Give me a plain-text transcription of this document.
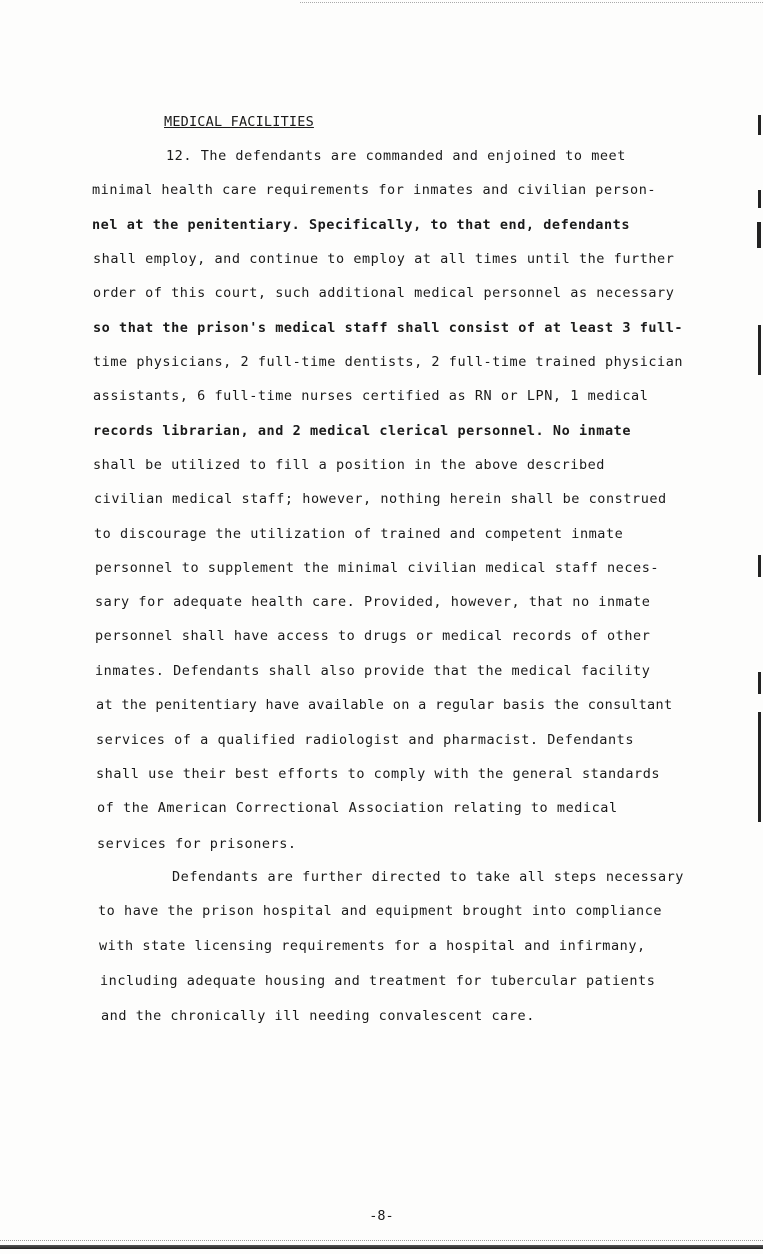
MEDICAL FACILITIES
12. The defendants are commanded and enjoined to meet
minimal health care requirements for inmates and civilian person-
nel at the penitentiary. Specifically, to that end, defendants
shall employ, and continue to employ at all times until the further
order of this court, such additional medical personnel as necessary
so that the prison's medical staff shall consist of at least 3 full-
time physicians, 2 full-time dentists, 2 full-time trained physician
assistants, 6 full-time nurses certified as RN or LPN, 1 medical
records librarian, and 2 medical clerical personnel. No inmate
shall be utilized to fill a position in the above described
civilian medical staff; however, nothing herein shall be construed
to discourage the utilization of trained and competent inmate
personnel to supplement the minimal civilian medical staff neces-
sary for adequate health care. Provided, however, that no inmate
personnel shall have access to drugs or medical records of other
inmates. Defendants shall also provide that the medical facility
at the penitentiary have available on a regular basis the consultant
services of a qualified radiologist and pharmacist. Defendants
shall use their best efforts to comply with the general standards
of the American Correctional Association relating to medical
services for prisoners.
Defendants are further directed to take all steps necessary
to have the prison hospital and equipment brought into compliance
with state licensing requirements for a hospital and infirmany,
including adequate housing and treatment for tubercular patients
and the chronically ill needing convalescent care.
-8-
